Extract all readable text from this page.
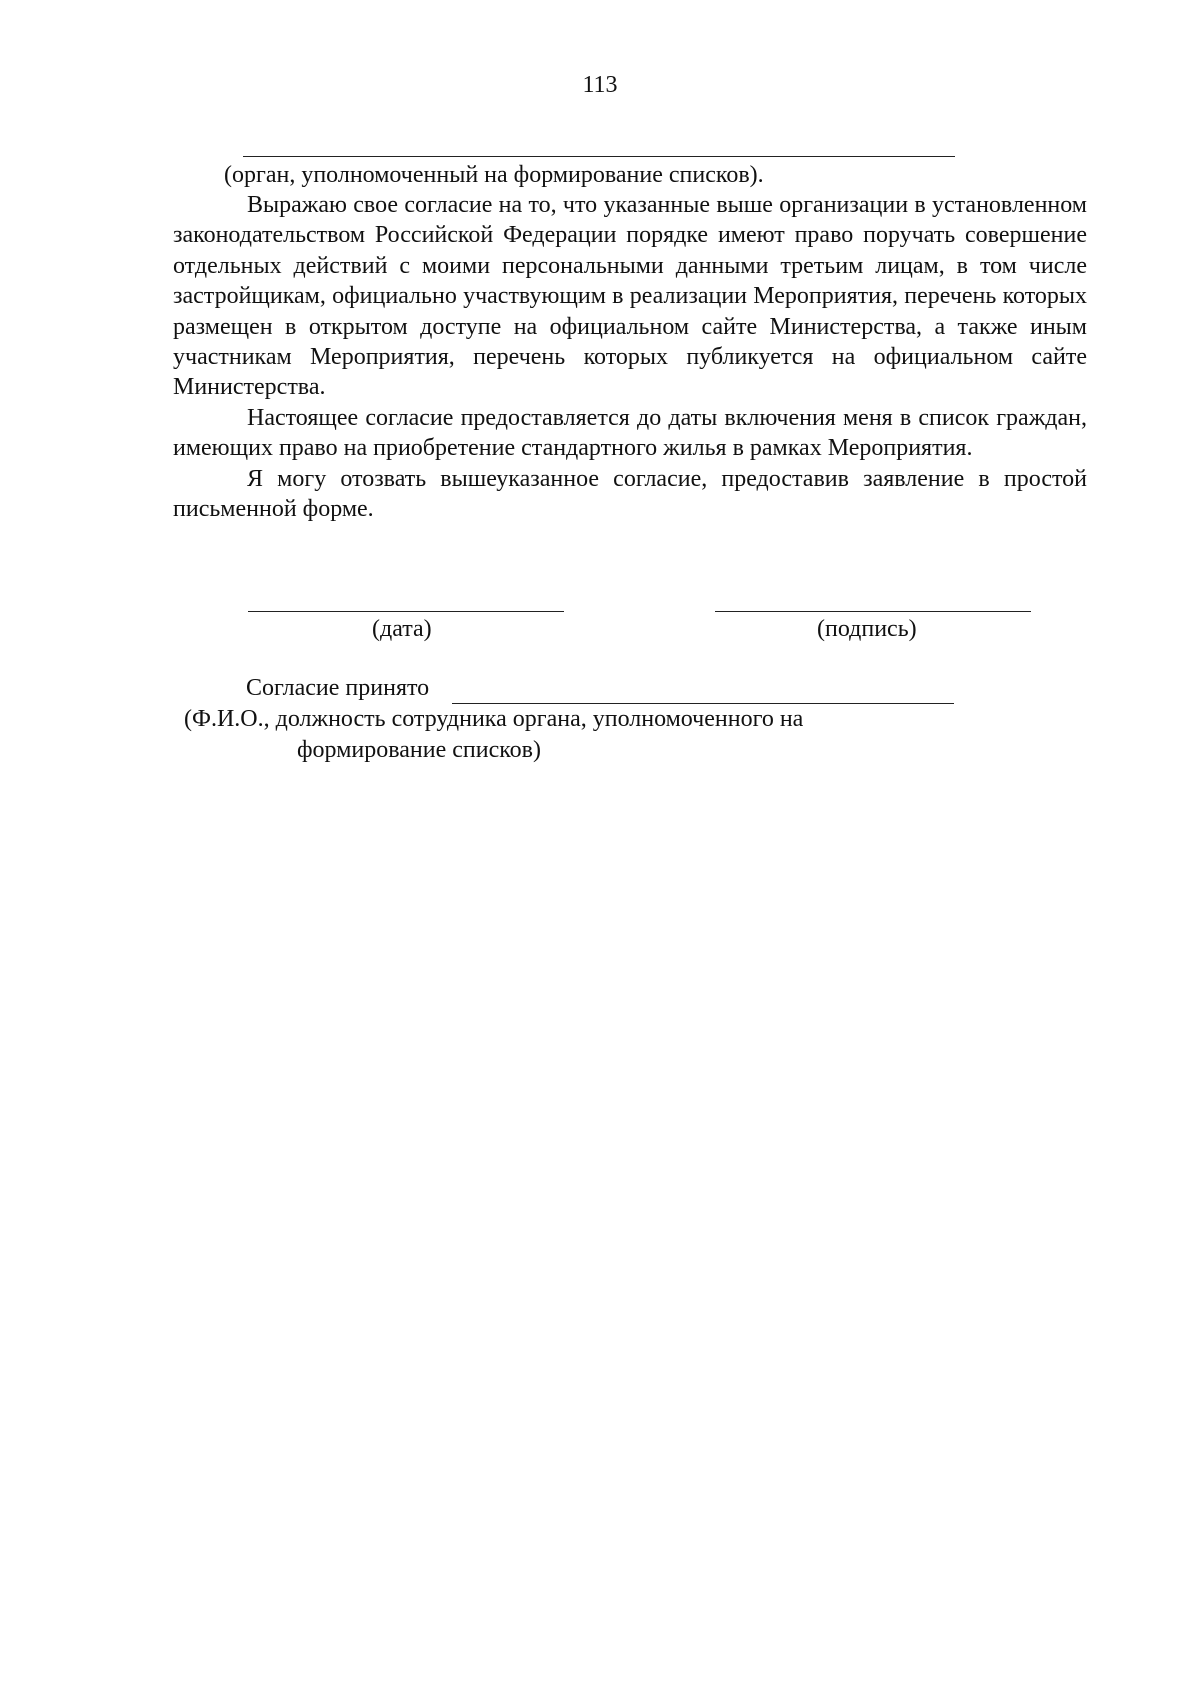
113
(орган, уполномоченный на формирование списков).

Выражаю свое согласие на то, что указанные выше организации в установленном законодательством Российской Федерации порядке имеют право поручать совершение отдельных действий с моими персональными данными третьим лицам, в том числе застройщикам, официально участвующим в реализации Мероприятия, перечень которых размещен в открытом доступе на официальном сайте Министерства, а также иным участникам Мероприятия, перечень которых публикуется на официальном сайте Министерства.

Настоящее согласие предоставляется до даты включения меня в список граждан, имеющих право на приобретение стандартного жилья в рамках Мероприятия.

Я могу отозвать вышеуказанное согласие, предоставив заявление в простой письменной форме.

(дата)	(подпись)
Согласие принято
(Ф.И.О., должность сотрудника органа, уполномоченного на
формирование списков)
